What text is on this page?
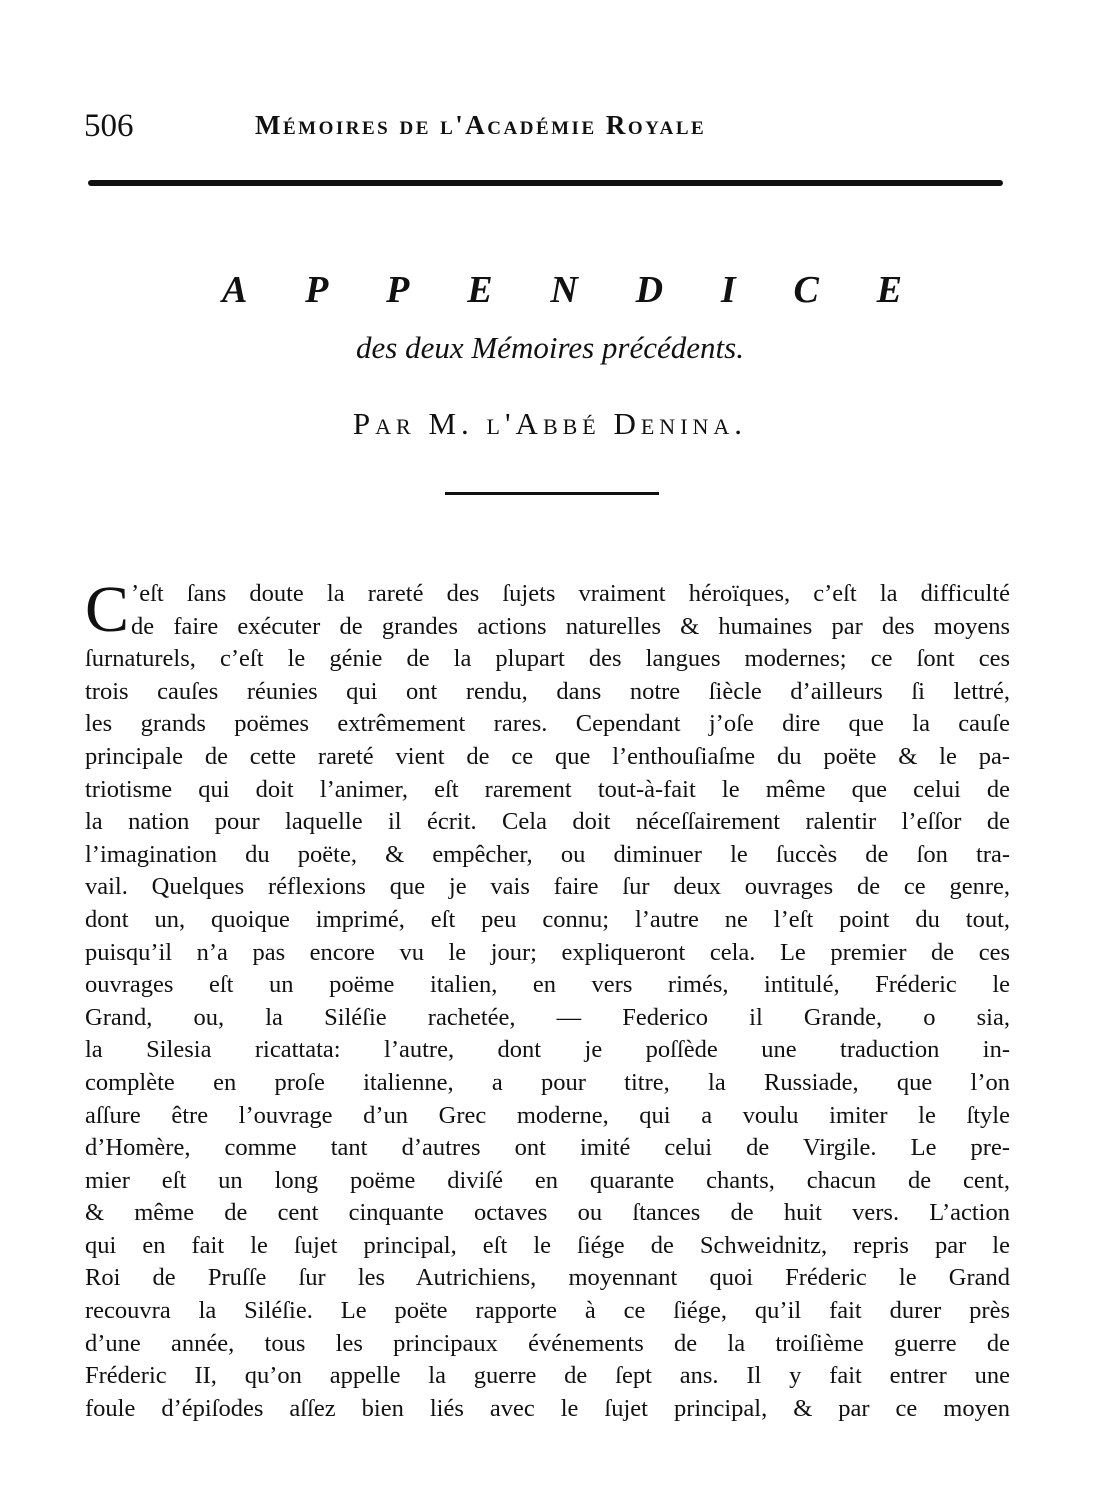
506	Mémoires de l'Académie Royale
A P P E N D I C E
des deux Mémoires précédents.
Par M. l'Abbé Denina.
C ’eſt ſans doute la rareté des ſujets vraiment héroïques, c’eſt la difficulté
de faire exécuter de grandes actions naturelles & humaines par des moyens
ſurnaturels, c’eſt le génie de la plupart des langues modernes; ce ſont ces
trois cauſes réunies qui ont rendu, dans notre ſiècle d’ailleurs ſi lettré,
les grands poëmes extrêmement rares. Cependant j’oſe dire que la cauſe
principale de cette rareté vient de ce que l’enthouſiaſme du poëte & le pa-
triotisme qui doit l’animer, eſt rarement tout-à-fait le même que celui de
la nation pour laquelle il écrit. Cela doit néceſſairement ralentir l’eſſor de
l’imagination du poëte, & empêcher, ou diminuer le ſuccès de ſon tra-
vail. Quelques réflexions que je vais faire ſur deux ouvrages de ce genre,
dont un, quoique imprimé, eſt peu connu; l’autre ne l’eſt point du tout,
puisqu’il n’a pas encore vu le jour; expliqueront cela. Le premier de ces
ouvrages eſt un poëme italien, en vers rimés, intitulé, Fréderic le
Grand, ou, la Siléſie rachetée, — Federico il Grande, o sia,
la Silesia ricattata: l’autre, dont je poſſède une traduction in-
complète en proſe italienne, a pour titre, la Russiade, que l’on
aſſure être l’ouvrage d’un Grec moderne, qui a voulu imiter le ſtyle
d’Homère, comme tant d’autres ont imité celui de Virgile. Le pre-
mier eſt un long poëme diviſé en quarante chants, chacun de cent,
& même de cent cinquante octaves ou ſtances de huit vers. L’action
qui en fait le ſujet principal, eſt le ſiége de Schweidnitz, repris par le
Roi de Pruſſe ſur les Autrichiens, moyennant quoi Fréderic le Grand
recouvra la Siléſie. Le poëte rapporte à ce ſiége, qu’il fait durer près
d’une année, tous les principaux événements de la troiſième guerre de
Fréderic II, qu’on appelle la guerre de ſept ans. Il y fait entrer une
foule d’épiſodes aſſez bien liés avec le ſujet principal, & par ce moyen
